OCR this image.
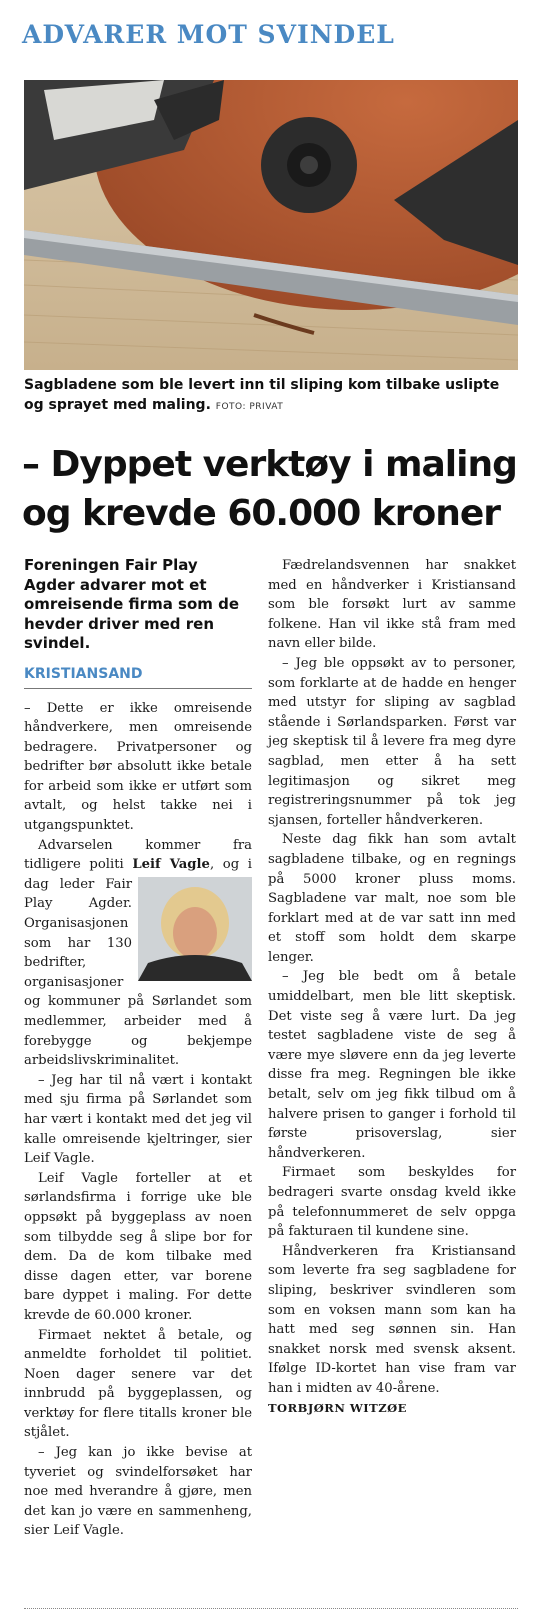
ADVARER MOT SVINDEL
Sagbladene som ble levert inn til sliping kom tilbake uslipte og sprayet med maling. FOTO: PRIVAT
– Dyppet verktøy i maling og krevde 60.000 kroner

Foreningen Fair Play Agder advarer mot et omreisende firma som de hevder driver med ren svindel.

KRISTIANSAND

– Dette er ikke omreisende håndverkere, men omreisende bedragere. Privatpersoner og bedrifter bør absolutt ikke betale for arbeid som ikke er utført som avtalt, og helst takke nei i utgangspunktet.

Advarselen kommer fra tidligere politi Leif Vagle
, og i dag leder Fair Play Agder. Organisasjonen som har 130 bedrifter, organisasjoner og kommuner på Sørlandet som medlemmer, arbeider med å forebygge og bekjempe arbeidslivskriminalitet.

– Jeg har til nå vært i kontakt med sju firma på Sørlandet som har vært i kontakt med det jeg vil kalle omreisende kjeltringer, sier Leif Vagle.

Leif Vagle forteller at et sørlandsfirma i forrige uke ble oppsøkt på byggeplass av noen som tilbydde seg å slipe bor for dem. Da de kom tilbake med disse dagen etter, var borene bare dyppet i maling. For dette krevde de 60.000 kroner.

Firmaet nektet å betale, og anmeldte forholdet til politiet. Noen dager senere var det innbrudd på byggeplassen, og verktøy for flere titalls kroner ble stjålet.

– Jeg kan jo ikke bevise at tyveriet og svindelforsøket har noe med hverandre å gjøre, men det kan jo være en sammenheng, sier Leif Vagle.

Fædrelandsvennen har snakket med en håndverker i Kristiansand som ble forsøkt lurt av samme folkene. Han vil ikke stå fram med navn eller bilde.

– Jeg ble oppsøkt av to personer, som forklarte at de hadde en henger med utstyr for sliping av sagblad stående i Sørlandsparken. Først var jeg skeptisk til å levere fra meg dyre sagblad, men etter å ha sett legitimasjon og sikret meg registreringsnummer på tok jeg sjansen, forteller håndverkeren.

Neste dag fikk han som avtalt sagbladene tilbake, og en regnings på 5000 kroner pluss moms. Sagbladene var malt, noe som ble forklart med at de var satt inn med et stoff som holdt dem skarpe lenger.

– Jeg ble bedt om å betale umiddelbart, men ble litt skeptisk. Det viste seg å være lurt. Da jeg testet sagbladene viste de seg å være mye sløvere enn da jeg leverte disse fra meg. Regningen ble ikke betalt, selv om jeg fikk tilbud om å halvere prisen to ganger i forhold til første prisoverslag, sier håndverkeren.

Firmaet som beskyldes for bedrageri svarte onsdag kveld ikke på telefonnummeret de selv oppga på fakturaen til kundene sine.

Håndverkeren fra Kristiansand som leverte fra seg sagbladene for sliping, beskriver svindleren som som en voksen mann som kan ha hatt med seg sønnen sin. Han snakket norsk med svensk aksent. Ifølge ID-kortet han vise fram var han i midten av 40-årene.

TORBJØRN WITZØE
